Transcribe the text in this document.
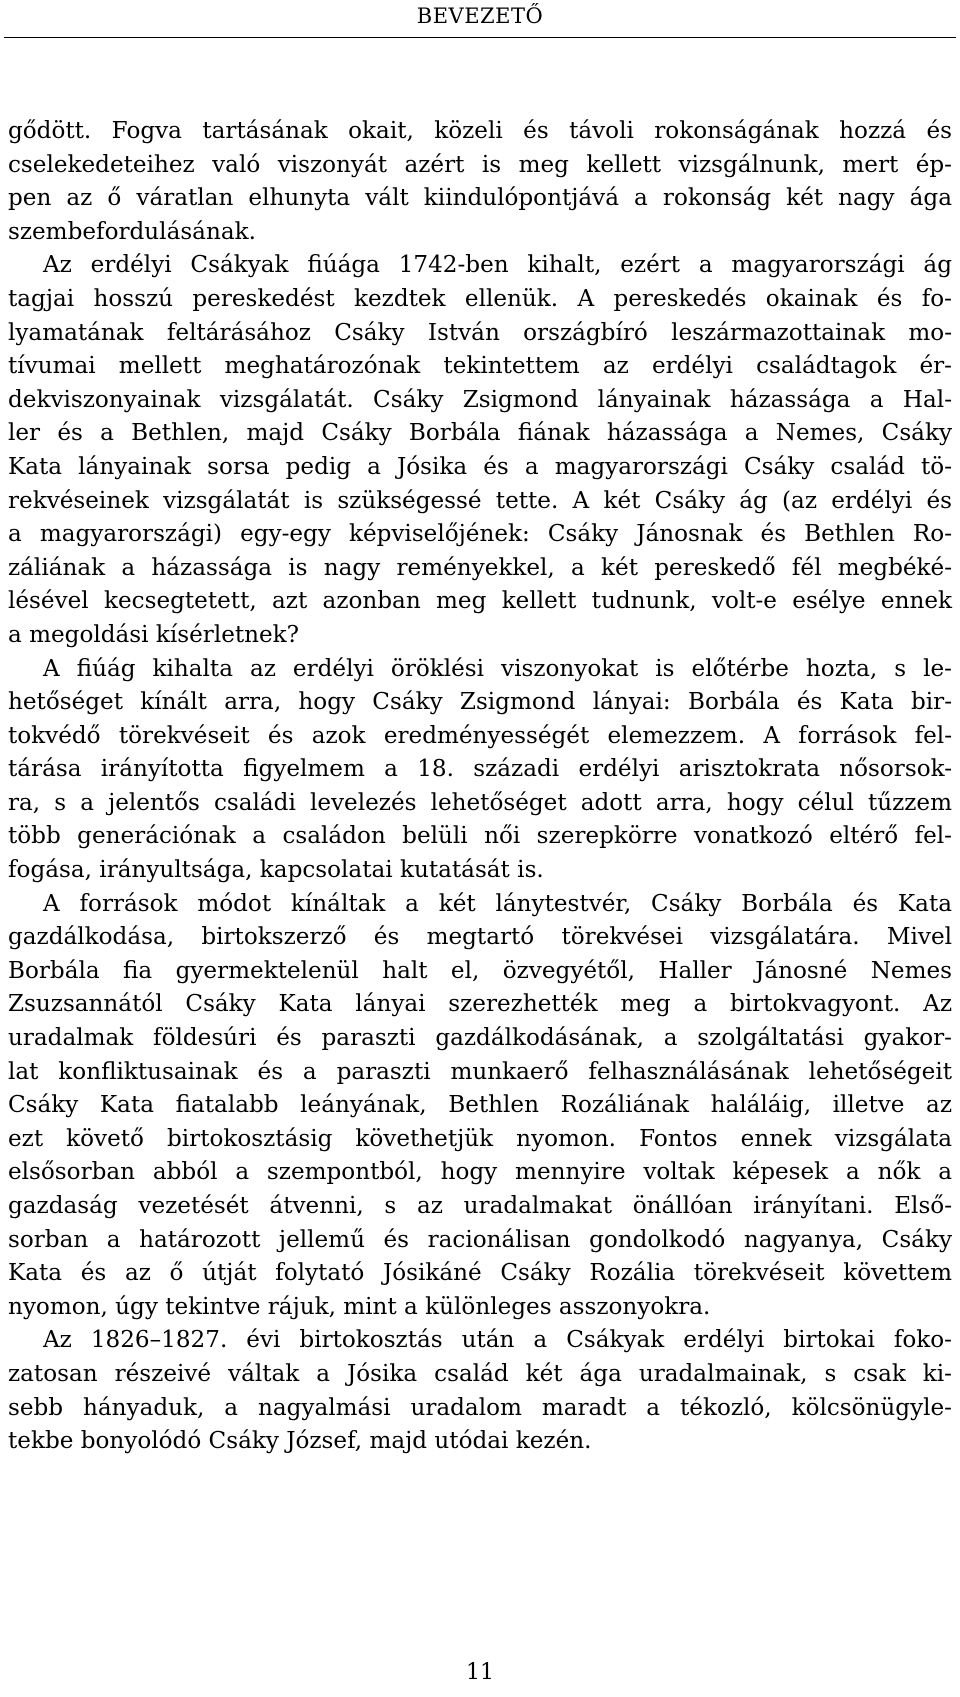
BEVEZETŐ

gődött. Fogva tartásának okait, közeli és távoli rokonságának hozzá és
cselekedeteihez való viszonyát azért is meg kellett vizsgálnunk, mert ép-
pen az ő váratlan elhunyta vált kiindulópontjává a rokonság két nagy ága
szembefordulásának.

Az erdélyi Csákyak fiúága 1742-ben kihalt, ezért a magyarországi ág
tagjai hosszú pereskedést kezdtek ellenük. A pereskedés okainak és fo-
lyamatának feltárásához Csáky István országbíró leszármazottainak mo-
tívumai mellett meghatározónak tekintettem az erdélyi családtagok ér-
dekviszonyainak vizsgálatát. Csáky Zsigmond lányainak házassága a Hal-
ler és a Bethlen, majd Csáky Borbála fiának házassága a Nemes, Csáky
Kata lányainak sorsa pedig a Jósika és a magyarországi Csáky család tö-
rekvéseinek vizsgálatát is szükségessé tette. A két Csáky ág (az erdélyi és
a magyarországi) egy-egy képviselőjének: Csáky Jánosnak és Bethlen Ro-
záliának a házassága is nagy reményekkel, a két pereskedő fél megbéké-
lésével kecsegtetett, azt azonban meg kellett tudnunk, volt-e esélye ennek
a megoldási kísérletnek?

A fiúág kihalta az erdélyi öröklési viszonyokat is előtérbe hozta, s le-
hetőséget kínált arra, hogy Csáky Zsigmond lányai: Borbála és Kata bir-
tokvédő törekvéseit és azok eredményességét elemezzem. A források fel-
tárása irányította figyelmem a 18. századi erdélyi arisztokrata nősorsok-
ra, s a jelentős családi levelezés lehetőséget adott arra, hogy célul tűzzem
több generációnak a családon belüli női szerepkörre vonatkozó eltérő fel-
fogása, irányultsága, kapcsolatai kutatását is.

A források módot kínáltak a két lánytestvér, Csáky Borbála és Kata
gazdálkodása, birtokszerző és megtartó törekvései vizsgálatára. Mivel
Borbála fia gyermektelenül halt el, özvegyétől, Haller Jánosné Nemes
Zsuzsannától Csáky Kata lányai szerezhették meg a birtokvagyont. Az
uradalmak földesúri és paraszti gazdálkodásának, a szolgáltatási gyakor-
lat konfliktusainak és a paraszti munkaerő felhasználásának lehetőségeit
Csáky Kata fiatalabb leányának, Bethlen Rozáliának haláláig, illetve az
ezt követő birtokosztásig követhetjük nyomon. Fontos ennek vizsgálata
elsősorban abból a szempontból, hogy mennyire voltak képesek a nők a
gazdaság vezetését átvenni, s az uradalmakat önállóan irányítani. Első-
sorban a határozott jellemű és racionálisan gondolkodó nagyanya, Csáky
Kata és az ő útját folytató Jósikáné Csáky Rozália törekvéseit követtem
nyomon, úgy tekintve rájuk, mint a különleges asszonyokra.

Az 1826–1827. évi birtokosztás után a Csákyak erdélyi birtokai foko-
zatosan részeivé váltak a Jósika család két ága uradalmainak, s csak ki-
sebb hányaduk, a nagyalmási uradalom maradt a tékozló, kölcsönügyle-
tekbe bonyolódó Csáky József, majd utódai kezén.

11
